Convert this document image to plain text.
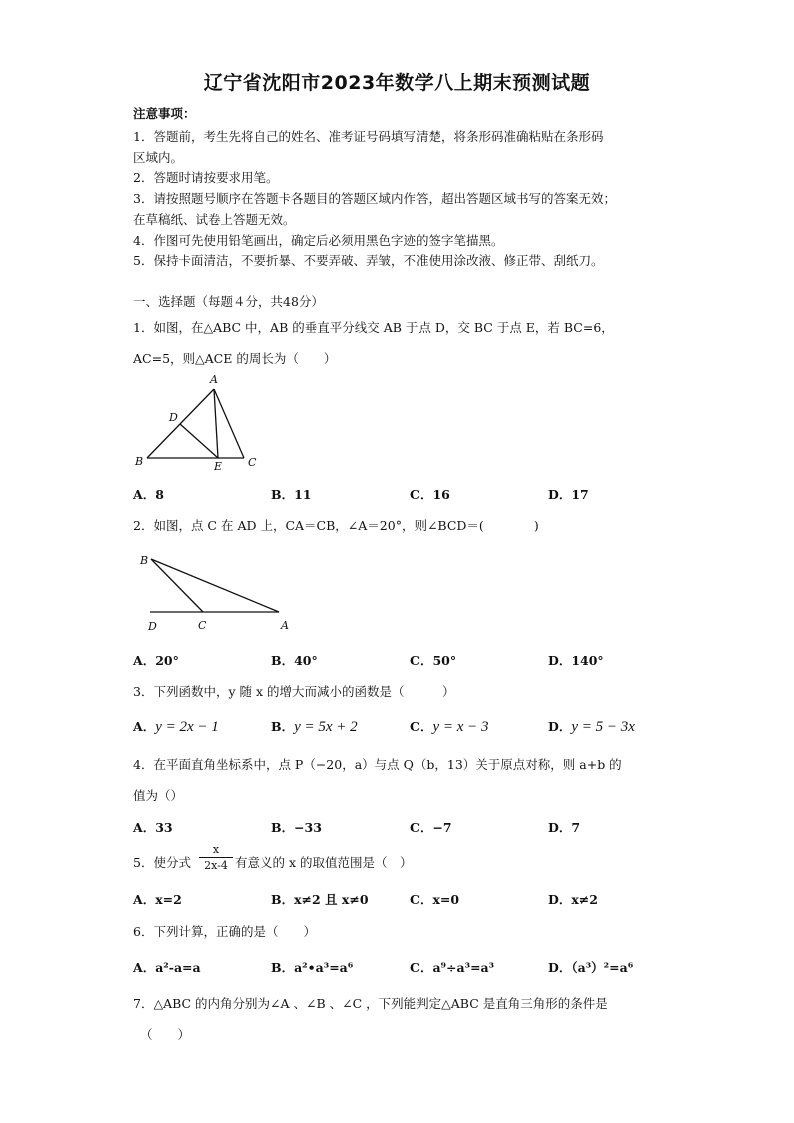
辽宁省沈阳市2023年数学八上期末预测试题
注意事项：
1．答题前，考生先将自己的姓名、准考证号码填写清楚，将条形码准确粘贴在条形码
区域内。
2．答题时请按要求用笔。
3．请按照题号顺序在答题卡各题目的答题区域内作答，超出答题区域书写的答案无效；
在草稿纸、试卷上答题无效。
4．作图可先使用铅笔画出，确定后必须用黑色字迹的签字笔描黑。
5．保持卡面清洁，不要折暴、不要弄破、弄皱，不准使用涂改液、修正带、刮纸刀。
一、选择题（每题４分，共48分）
1．如图，在△ABC 中，AB 的垂直平分线交 AB 于点 D，交 BC 于点 E，若 BC=6，
AC=5，则△ACE 的周长为（　　）
A
B	C
D
E
A．8	B．11	C．16	D．17
2．如图，点 C 在 AD 上，CA＝CB，∠A＝20°，则∠BCD＝(　　　　)
B
D	C	A
A．20°	B．40°	C．50°	D．140°
3．下列函数中，y 随 x 的增大而减小的函数是（　　　）
A．y = 2x − 1	B．y = 5x + 2	C．y = x − 3	D．y = 5 − 3x
4．在平面直角坐标系中，点 P（−20，a）与点 Q（b，13）关于原点对称，则 a+b 的
值为（）
A．33	B．−33	C．−7	D．7
5．使分式 $\frac{x}{2x-4}$ 有意义的 x 的取值范围是（　）
A．x=2	B．x≠2 且 x≠0	C．x=0	D．x≠2
6．下列计算，正确的是（　　）
A．a²-a=a	B．a²•a³=a⁶	C．a⁹÷a³=a³	D．（a³）²=a⁶
7．△ABC 的内角分别为∠A 、∠B 、∠C ，下列能判定△ABC 是直角三角形的条件是
（　　）
